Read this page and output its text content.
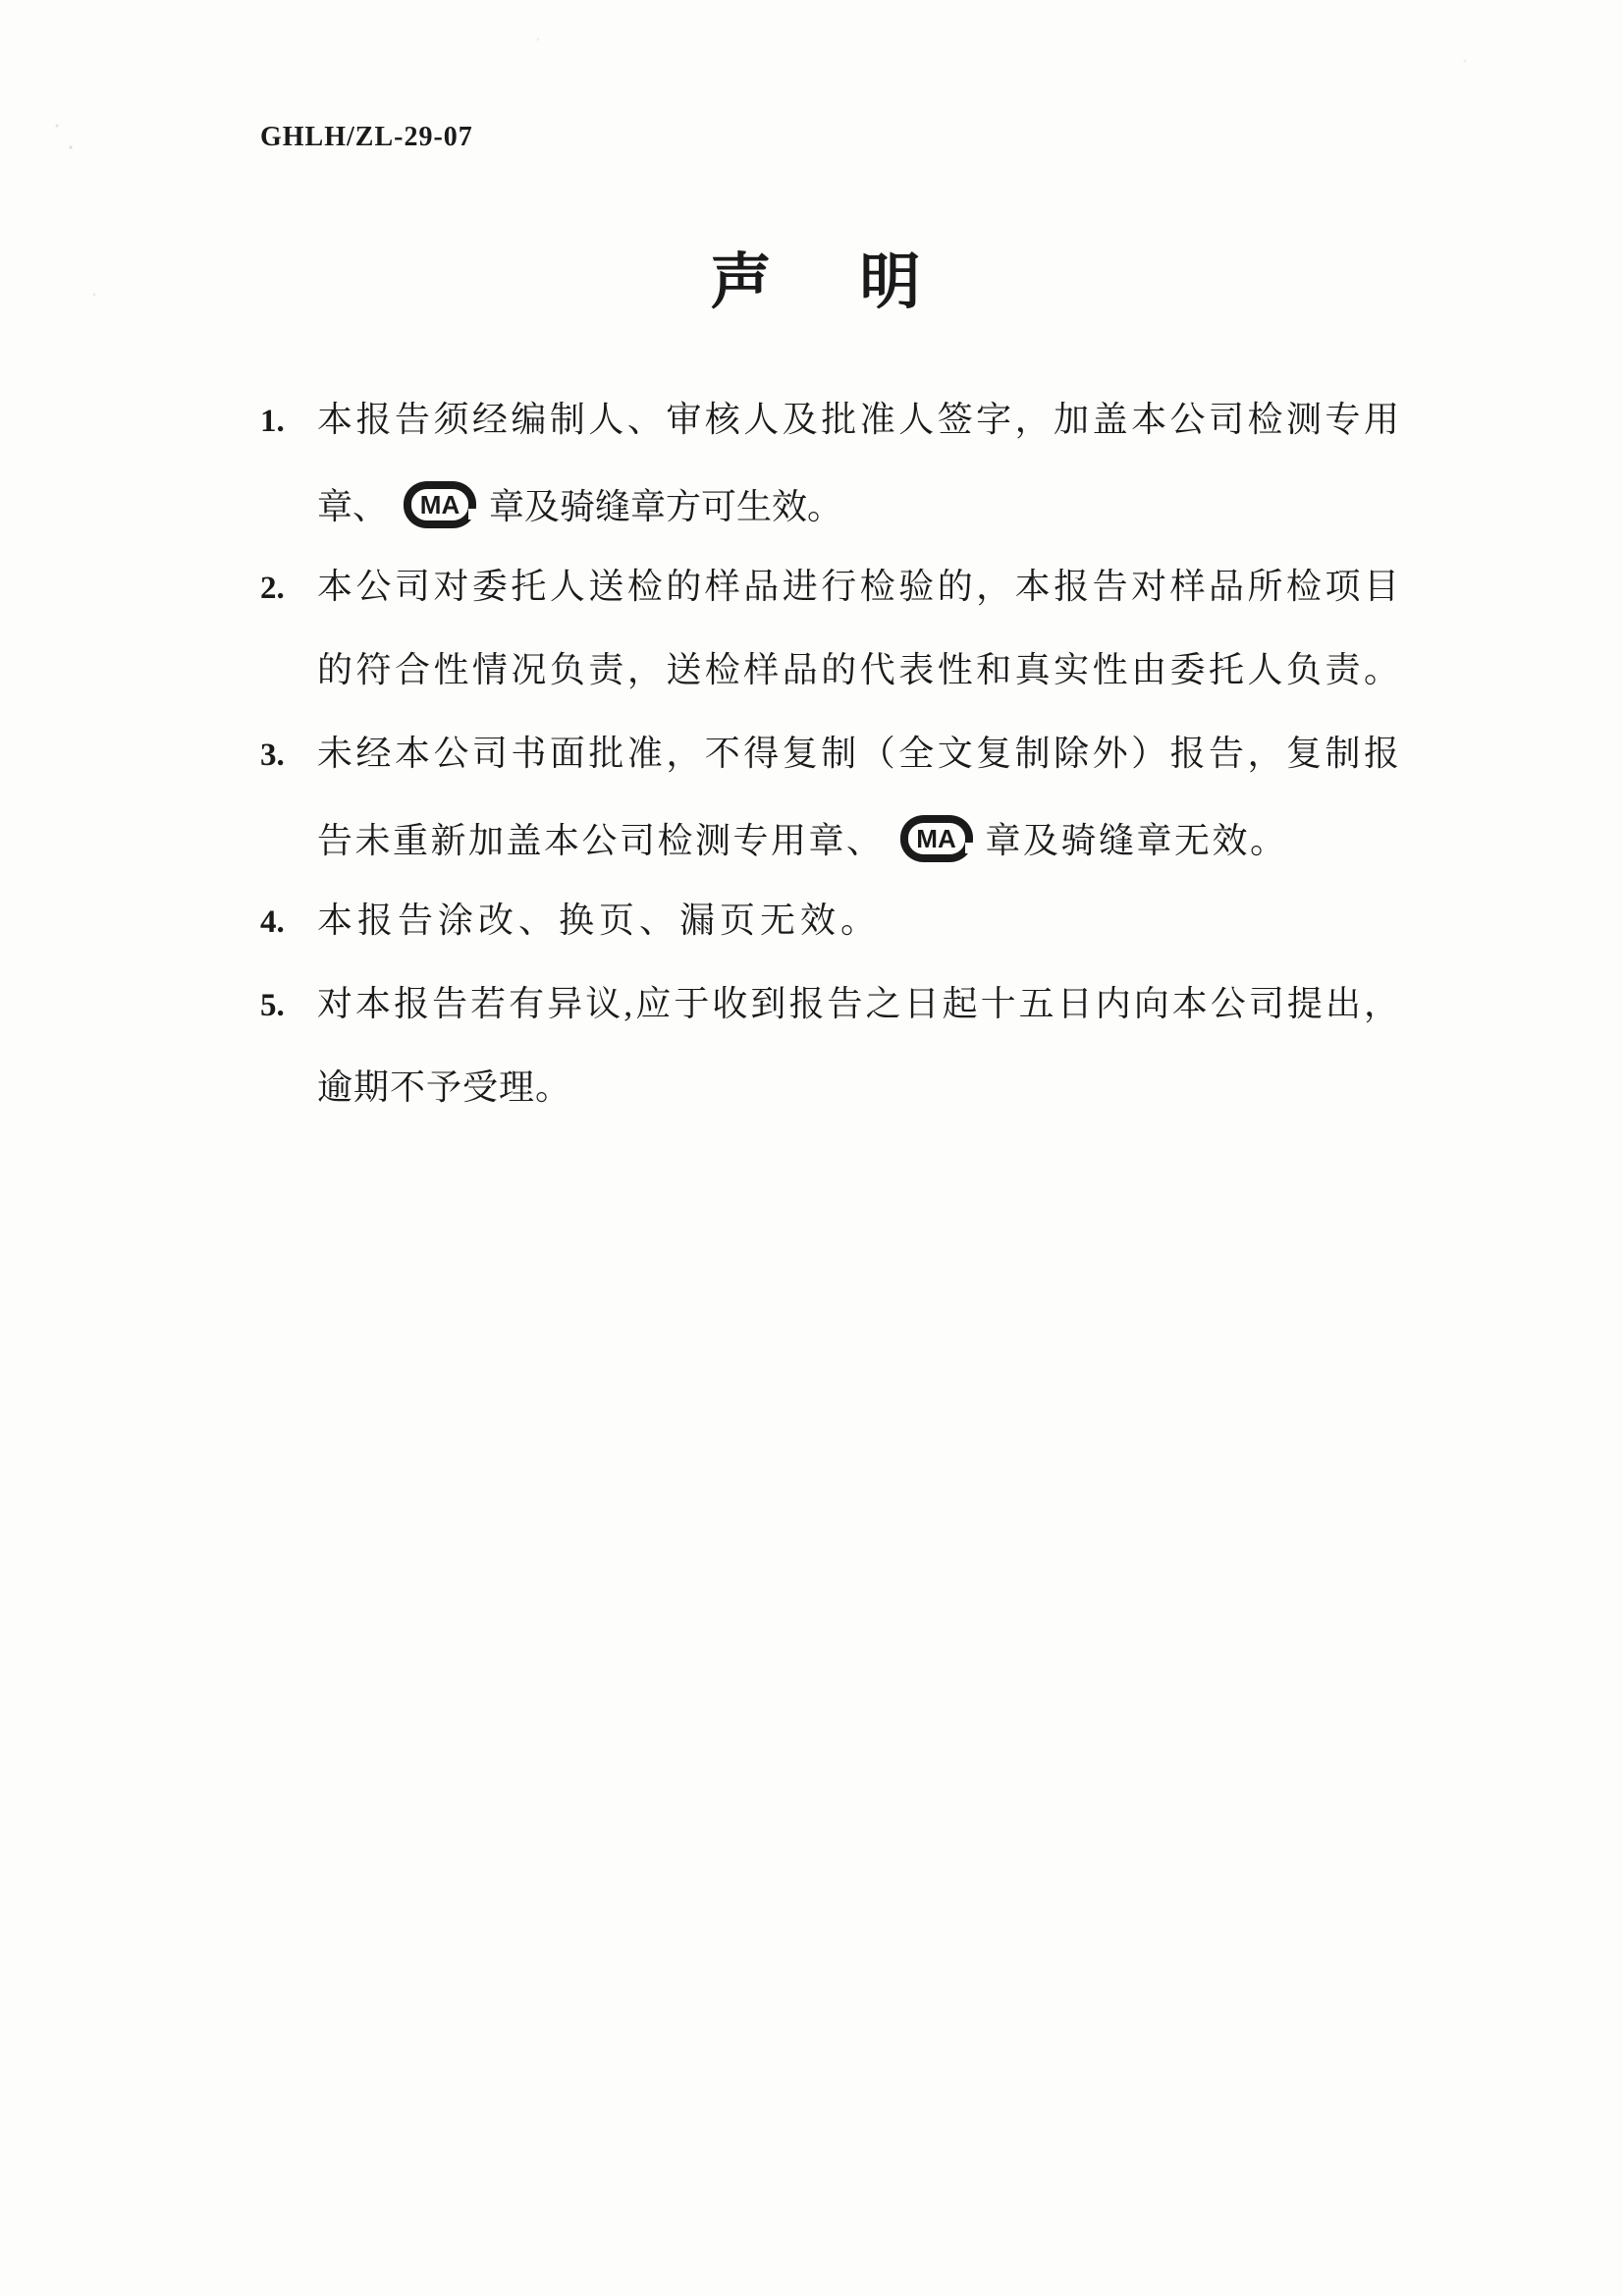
GHLH/ZL-29-07
声　明
1. 本报告须经编制人、审核人及批准人签字，加盖本公司检测专用
章、	MA 章及骑缝章方可生效。
2. 本公司对委托人送检的样品进行检验的，本报告对样品所检项目
的符合性情况负责，送检样品的代表性和真实性由委托人负责。
3. 未经本公司书面批准，不得复制（全文复制除外）报告，复制报
告未重新加盖本公司检测专用章、	MA 章及骑缝章无效。
4. 本报告涂改、换页、漏页无效。
5. 对本报告若有异议,应于收到报告之日起十五日内向本公司提出，
逾期不予受理。
